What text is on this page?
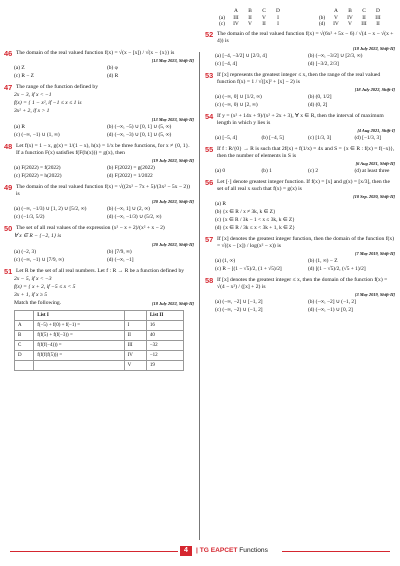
46 The domain of the real valued function f(x) = √(x − [x]) / √(x − {x}) is
[13 May 2023, Shift-II]
(a) Z	(b) φ
(c) R − Z	(d) R
47 The range of the function defined by
2x − 3, if x < −1
f(x) = { 1 − x², if −1 ≤ x ≤ 1 is
3x² + 2, if x > 1
[13 May 2023, Shift-II]
(a) R	(b) (−∞, −5) ∪ [0, 1] ∪ (5, ∞)
(c) (−∞, −1) ∪ (1, ∞)	(d) (−∞, −3) ∪ [0, 1] ∪ (5, ∞)
48 Let f(x) = 1 − x, g(x) = 1/(1 − x), h(x) = 1/x be three functions, for x ≠ {0, 1}. If a function F(x) satisfies f(F(h(x))) = g(x), then
[19 July 2022, Shift-II]
(a) F(2022) = f(2022)	(b) F(2022) = g(2022)
(c) F(2022) = h(2022)	(d) F(2022) = 1/2022
49 The domain of the real valued function f(x) = √((2x² − 7x + 5)/(3x² − 5x − 2)) is
[20 July 2022, Shift-II]
(a) (−∞, −1/3) ∪ [1, 2) ∪ [5/2, ∞)	(b) (−∞, 1] ∪ (2, ∞)
(c) (−1/3, 5/2)	(d) (−∞, −1/3) ∪ (5/2, ∞)
50 The set of all real values of the expression (x² − x + 2)/(x² + x − 2)
∀ x ∈ R − {−2, 1} is
[20 July 2022, Shift-II]
(a) (−2, 3)	(b) [7/9, ∞)
(c) (−∞, −1) ∪ [7/9, ∞)	(d) (−∞, −1]
51 Let R be the set of all real numbers. Let f : R → R be a function defined by
2x − 5, if x < −3
f(x) = { x + 2, if −5 ≤ x < 5
3x + 1, if x ≥ 5
Match the following.	[18 July 2022, Shift-II]
	List I		List II
A	f(−5) + f(0) + f(−1) =	I	16
B	f(f(5) + f(f(−3)) =	II	40
C	f(f(f(−4))) =	III	−32
D	f(f(f(f(5))) =	IV	−12
		V	19
A	B	C	D
(a)	III	II	V	I
(c)	IV	V	II	I
A	B	C	D
(b)	V	IV	II	III
(d)	IV	V	III	II
52 The domain of the real valued function f(x) = √(6x² + 5x − 6) / √(4 − x − √(x + 4)) is
[18 July 2022, Shift-II]
(a) [−4, −3/2] ∪ [2/3, 4]	(b) (−∞, −3/2] ∪ [2/3, ∞)
(c) [−4, 4]	(d) [−3/2, 2/3]
53 If [x] represents the greatest integer ≤ x, then the range of the real valued function f(x) = 1 / √([x]² + [x] − 2) is
[18 July 2022, Shift-I]
(a) (−∞, 0] ∪ [1/2, ∞)	(b) (0, 1/2]
(c) (−∞, 0) ∪ [2, ∞)	(d) (0, 2]
54 If y = (x² + 14x + 9)/(x² + 2x + 3), ∀ x ∈ R, then the interval of maximum length in which y lies is
[4 Aug 2021, Shift-I]
(a) [−5, 4]	(b) [−4, 5]	(c) [1/3, 3]	(d) [−1/3, 3]
55 If f : R/{0} → R is such that 2f(x) + f(1/x) = 4x and S = {x ∈ R : f(x) = f(−x)}, then the number of elements in S is
[6 Aug 2021, Shift-II]
(a) 0	(b) 1	(c) 2	(d) at least three
56 Let [·] denote greatest integer function. If f(x) = [x] and g(x) = [x/3], then the set of all real x such that f(x) = g(x) is
[10 Sep. 2020, Shift-II]
(a) R
(b) {x ∈ R / x ≠ 3k, k ∈ Z}
(c) {x ∈ R / 3k − 1 < x ≤ 3k, k ∈ Z}
(d) {x ∈ R / 3k ≤ x < 3k + 1, k ∈ Z}
57 If [x] denotes the greatest integer function, then the domain of the function f(x) = √((x − [x]) / log(x² − x)) is
[7 May 2019, Shift-II]
(a) (1, ∞)	(b) (1, ∞) − Z
(c) R − [(1 − √5)/2, (1 + √5)/2]	(d) [(1 − √5)/2, (√5 + 1)/2]
58 If [x] denotes the greatest integer ≤ x, then the domain of the function f(x) = √(4 − x²) / ([x] + 2) is
[3 May 2019, Shift-II]
(a) (−∞, −2] ∪ [−1, 2]	(b) (−∞, −2] ∪ (−1, 2]
(c) (−∞, −2) ∪ (−1, 2]	(d) (−∞, −1) ∪ [0, 2]
4	| TG EAPCET Functions
